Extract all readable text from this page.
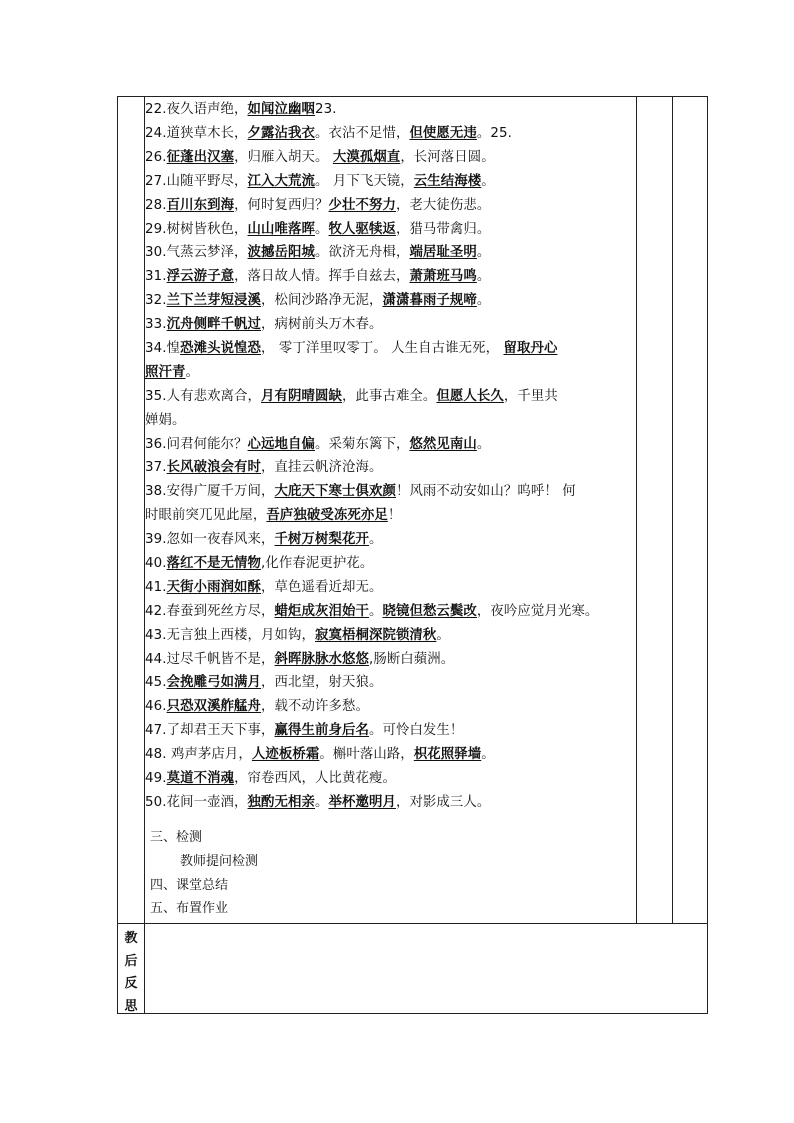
22.夜久语声绝，如闻泣幽咽23.
24.道狭草木长，夕露沾我衣。衣沾不足惜，但使愿无违。25.
26.征蓬出汉塞，归雁入胡天。 大漠孤烟直，长河落日圆。
27.山随平野尽，江入大荒流。 月下飞天镜，云生结海楼。
28.百川东到海，何时复西归？少壮不努力，老大徒伤悲。
29.树树皆秋色，山山唯落晖。牧人驱犊返，猎马带禽归。
30.气蒸云梦泽，波撼岳阳城。欲济无舟楫，端居耻圣明。
31.浮云游子意，落日故人情。挥手自兹去，萧萧班马鸣。
32.兰下兰芽短浸溪，松间沙路净无泥，潇潇暮雨子规啼。
33.沉舟侧畔千帆过，病树前头万木春。
34.惶恐滩头说惶恐， 零丁洋里叹零丁。 人生自古谁无死， 留取丹心
照汗青。
35.人有悲欢离合，月有阴晴圆缺，此事古难全。但愿人长久，千里共
婵娟。
36.问君何能尔？心远地自偏。采菊东篱下，悠然见南山。
37.长风破浪会有时，直挂云帆济沧海。
38.安得广厦千万间，大庇天下寒士俱欢颜！风雨不动安如山？呜呼！ 何
时眼前突兀见此屋，吾庐独破受冻死亦足！
39.忽如一夜春风来，千树万树梨花开。
40.落红不是无情物,化作春泥更护花。
41.天街小雨润如酥，草色遥看近却无。
42.春蚕到死丝方尽，蜡炬成灰泪始干。晓镜但愁云鬓改，夜吟应觉月光寒。
43.无言独上西楼，月如钩，寂寞梧桐深院锁清秋。
44.过尽千帆皆不是，斜晖脉脉水悠悠,肠断白蘋洲。
45.会挽雕弓如满月，西北望，射天狼。
46.只恐双溪舴艋舟，载不动许多愁。
47.了却君王天下事，赢得生前身后名。可怜白发生！
48. 鸡声茅店月，人迹板桥霜。槲叶落山路，枳花照驿墙。
49.莫道不消魂，帘卷西风，人比黄花瘦。
50.花间一壶酒，独酌无相亲。举杯邀明月，对影成三人。
三、检测
教师提问检测
四、课堂总结
五、布置作业
教
后
反
思
